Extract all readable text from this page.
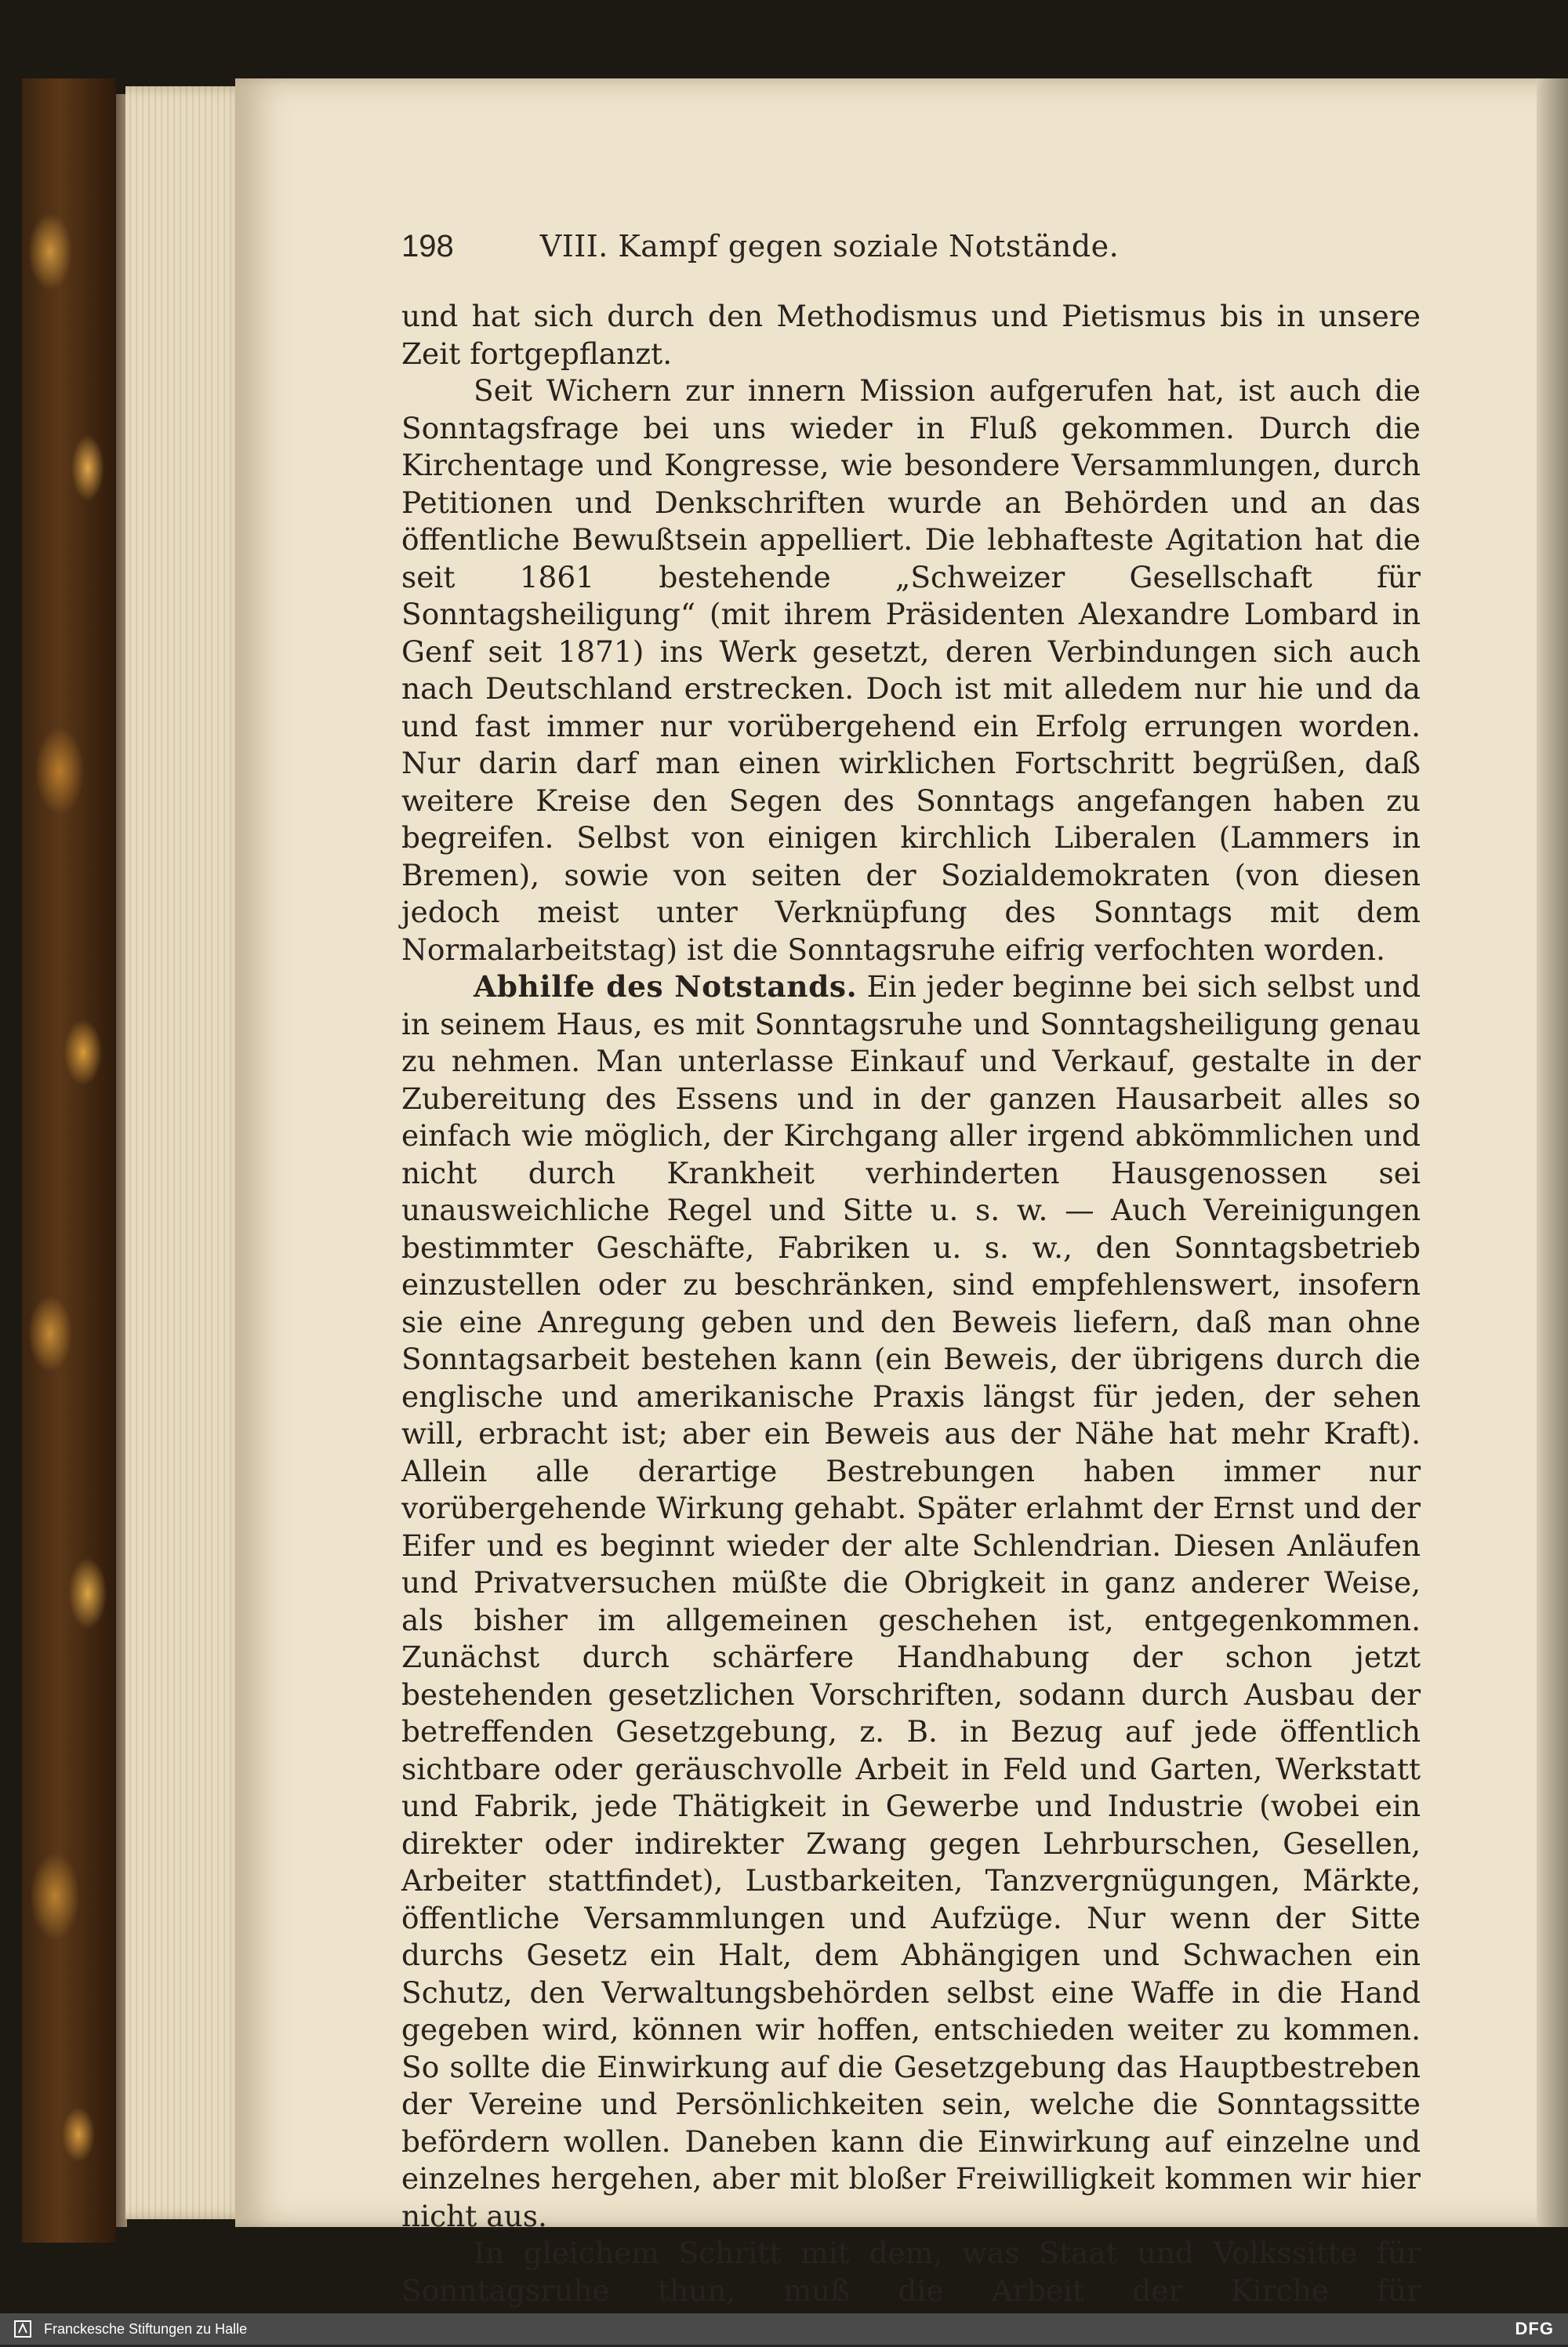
198	VIII. Kampf gegen soziale Notstände.

und hat sich durch den Methodismus und Pietismus bis in unsere Zeit fortgepflanzt.

Seit Wichern zur innern Mission aufgerufen hat, ist auch die Sonntagsfrage bei uns wieder in Fluß gekommen. Durch die Kirchentage und Kongresse, wie besondere Versammlungen, durch Petitionen und Denkschriften wurde an Behörden und an das öffentliche Bewußtsein appelliert. Die lebhafteste Agitation hat die seit 1861 bestehende „Schweizer Gesellschaft für Sonntagsheiligung“ (mit ihrem Präsidenten Alexandre Lombard in Genf seit 1871) ins Werk gesetzt, deren Verbindungen sich auch nach Deutschland erstrecken. Doch ist mit alledem nur hie und da und fast immer nur vorübergehend ein Erfolg errungen worden. Nur darin darf man einen wirklichen Fortschritt begrüßen, daß weitere Kreise den Segen des Sonntags angefangen haben zu begreifen. Selbst von einigen kirchlich Liberalen (Lammers in Bremen), sowie von seiten der Sozialdemokraten (von diesen jedoch meist unter Verknüpfung des Sonntags mit dem Normalarbeitstag) ist die Sonntagsruhe eifrig verfochten worden.

Abhilfe des Notstands. Ein jeder beginne bei sich selbst und in seinem Haus, es mit Sonntagsruhe und Sonntagsheiligung genau zu nehmen. Man unterlasse Einkauf und Verkauf, gestalte in der Zubereitung des Essens und in der ganzen Hausarbeit alles so einfach wie möglich, der Kirchgang aller irgend abkömmlichen und nicht durch Krankheit verhinderten Hausgenossen sei unausweichliche Regel und Sitte u. s. w. — Auch Vereinigungen bestimmter Geschäfte, Fabriken u. s. w., den Sonntagsbetrieb einzustellen oder zu beschränken, sind empfehlenswert, insofern sie eine Anregung geben und den Beweis liefern, daß man ohne Sonntagsarbeit bestehen kann (ein Beweis, der übrigens durch die englische und amerikanische Praxis längst für jeden, der sehen will, erbracht ist; aber ein Beweis aus der Nähe hat mehr Kraft). Allein alle derartige Bestrebungen haben immer nur vorübergehende Wirkung gehabt. Später erlahmt der Ernst und der Eifer und es beginnt wieder der alte Schlendrian. Diesen Anläufen und Privatversuchen müßte die Obrigkeit in ganz anderer Weise, als bisher im allgemeinen geschehen ist, entgegenkommen. Zunächst durch schärfere Handhabung der schon jetzt bestehenden gesetzlichen Vorschriften, sodann durch Ausbau der betreffenden Gesetzgebung, z. B. in Bezug auf jede öffentlich sichtbare oder geräuschvolle Arbeit in Feld und Garten, Werkstatt und Fabrik, jede Thätigkeit in Gewerbe und Industrie (wobei ein direkter oder indirekter Zwang gegen Lehrburschen, Gesellen, Arbeiter stattfindet), Lustbarkeiten, Tanzvergnügungen, Märkte, öffentliche Versammlungen und Aufzüge. Nur wenn der Sitte durchs Gesetz ein Halt, dem Abhängigen und Schwachen ein Schutz, den Verwaltungsbehörden selbst eine Waffe in die Hand gegeben wird, können wir hoffen, entschieden weiter zu kommen. So sollte die Einwirkung auf die Gesetzgebung das Hauptbestreben der Vereine und Persönlichkeiten sein, welche die Sonntagssitte befördern wollen. Daneben kann die Einwirkung auf einzelne und einzelnes hergehen, aber mit bloßer Freiwilligkeit kommen wir hier nicht aus.

In gleichem Schritt mit dem, was Staat und Volkssitte für Sonntagsruhe thun, muß die Arbeit der Kirche für

Franckesche Stiftungen zu Halle	DFG
